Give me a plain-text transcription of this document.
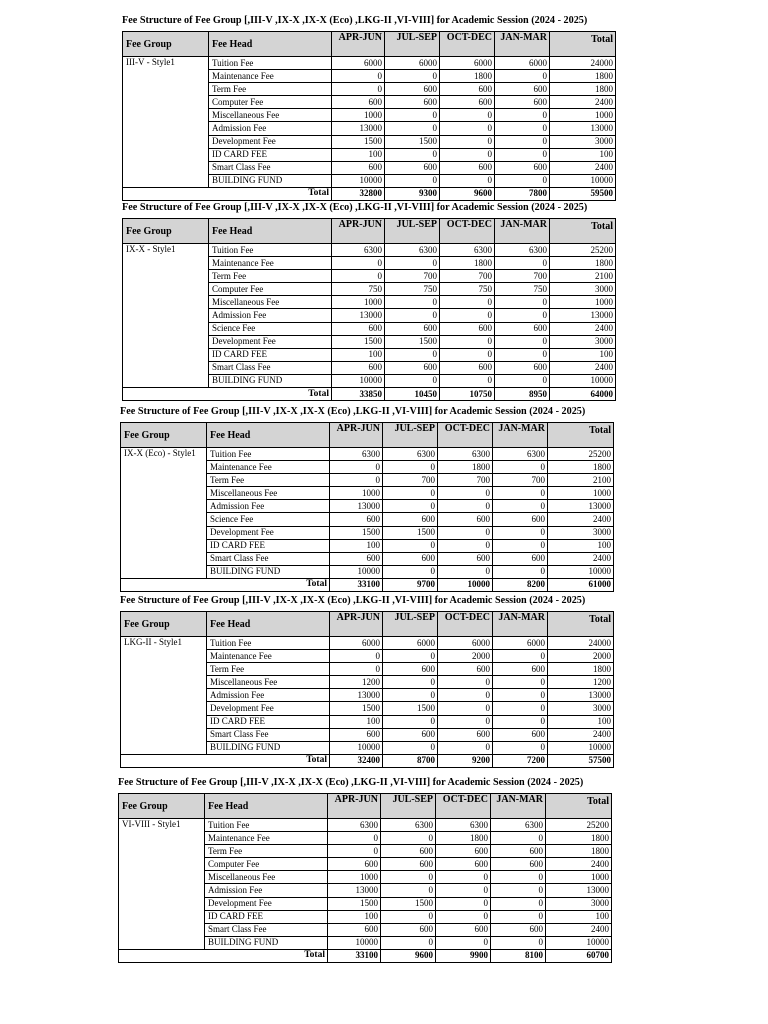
Fee Structure of Fee Group [,III-V ,IX-X ,IX-X (Eco) ,LKG-II ,VI-VIII] for Academic Session (2024 - 2025)
Fee Group	Fee Head	APR-JUN	JUL-SEP	OCT-DEC	JAN-MAR	Total
III-V - Style1	Tuition Fee	6000	6000	6000	6000	24000
	Maintenance Fee	0	0	1800	0	1800
	Term Fee	0	600	600	600	1800
	Computer Fee	600	600	600	600	2400
	Miscellaneous Fee	1000	0	0	0	1000
	Admission Fee	13000	0	0	0	13000
	Development Fee	1500	1500	0	0	3000
	ID CARD FEE	100	0	0	0	100
	Smart Class Fee	600	600	600	600	2400
	BUILDING FUND	10000	0	0	0	10000
	Total	32800	9300	9600	7800	59500
Fee Structure of Fee Group [,III-V ,IX-X ,IX-X (Eco) ,LKG-II ,VI-VIII] for Academic Session (2024 - 2025)
Fee Group	Fee Head	APR-JUN	JUL-SEP	OCT-DEC	JAN-MAR	Total
IX-X - Style1	Tuition Fee	6300	6300	6300	6300	25200
	Maintenance Fee	0	0	1800	0	1800
	Term Fee	0	700	700	700	2100
	Computer Fee	750	750	750	750	3000
	Miscellaneous Fee	1000	0	0	0	1000
	Admission Fee	13000	0	0	0	13000
	Science Fee	600	600	600	600	2400
	Development Fee	1500	1500	0	0	3000
	ID CARD FEE	100	0	0	0	100
	Smart Class Fee	600	600	600	600	2400
	BUILDING FUND	10000	0	0	0	10000
	Total	33850	10450	10750	8950	64000
Fee Structure of Fee Group [,III-V ,IX-X ,IX-X (Eco) ,LKG-II ,VI-VIII] for Academic Session (2024 - 2025)
Fee Group	Fee Head	APR-JUN	JUL-SEP	OCT-DEC	JAN-MAR	Total
IX-X (Eco) - Style1	Tuition Fee	6300	6300	6300	6300	25200
	Maintenance Fee	0	0	1800	0	1800
	Term Fee	0	700	700	700	2100
	Miscellaneous Fee	1000	0	0	0	1000
	Admission Fee	13000	0	0	0	13000
	Science Fee	600	600	600	600	2400
	Development Fee	1500	1500	0	0	3000
	ID CARD FEE	100	0	0	0	100
	Smart Class Fee	600	600	600	600	2400
	BUILDING FUND	10000	0	0	0	10000
	Total	33100	9700	10000	8200	61000
Fee Structure of Fee Group [,III-V ,IX-X ,IX-X (Eco) ,LKG-II ,VI-VIII] for Academic Session (2024 - 2025)
Fee Group	Fee Head	APR-JUN	JUL-SEP	OCT-DEC	JAN-MAR	Total
LKG-II - Style1	Tuition Fee	6000	6000	6000	6000	24000
	Maintenance Fee	0	0	2000	0	2000
	Term Fee	0	600	600	600	1800
	Miscellaneous Fee	1200	0	0	0	1200
	Admission Fee	13000	0	0	0	13000
	Development Fee	1500	1500	0	0	3000
	ID CARD FEE	100	0	0	0	100
	Smart Class Fee	600	600	600	600	2400
	BUILDING FUND	10000	0	0	0	10000
	Total	32400	8700	9200	7200	57500
Fee Structure of Fee Group [,III-V ,IX-X ,IX-X (Eco) ,LKG-II ,VI-VIII] for Academic Session (2024 - 2025)
Fee Group	Fee Head	APR-JUN	JUL-SEP	OCT-DEC	JAN-MAR	Total
VI-VIII - Style1	Tuition Fee	6300	6300	6300	6300	25200
	Maintenance Fee	0	0	1800	0	1800
	Term Fee	0	600	600	600	1800
	Computer Fee	600	600	600	600	2400
	Miscellaneous Fee	1000	0	0	0	1000
	Admission Fee	13000	0	0	0	13000
	Development Fee	1500	1500	0	0	3000
	ID CARD FEE	100	0	0	0	100
	Smart Class Fee	600	600	600	600	2400
	BUILDING FUND	10000	0	0	0	10000
	Total	33100	9600	9900	8100	60700
